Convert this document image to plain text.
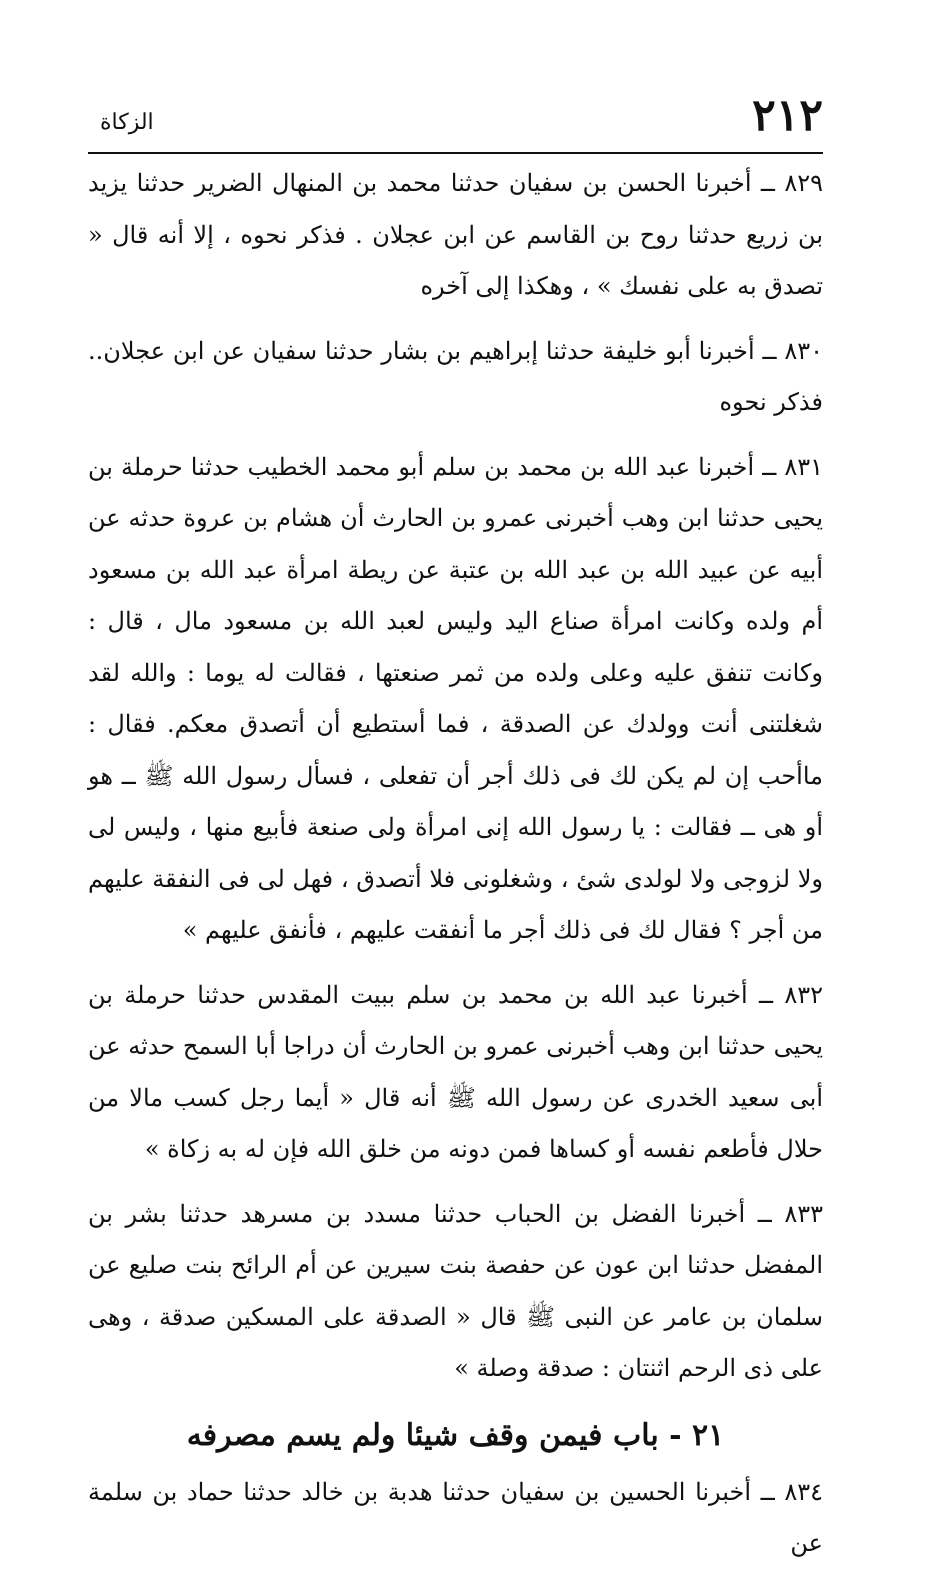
٢١٢
الزكاة

٨٢٩ ــ أخبرنا الحسن بن سفيان حدثنا محمد بن المنهال الضرير حدثنا يزيد بن زريع حدثنا روح بن القاسم عن ابن عجلان . فذكر نحوه ، إلا أنه قال « تصدق به على نفسك » ، وهكذا إلى آخره

٨٣٠ ــ أخبرنا أبو خليفة حدثنا إبراهيم بن بشار حدثنا سفيان عن ابن عجلان.. فذكر نحوه

٨٣١ ــ أخبرنا عبد الله بن محمد بن سلم أبو محمد الخطيب حدثنا حرملة بن يحيى حدثنا ابن وهب أخبرنى عمرو بن الحارث أن هشام بن عروة حدثه عن أبيه عن عبيد الله بن عبد الله بن عتبة عن ريطة امرأة عبد الله بن مسعود أم ولده وكانت امرأة صناع اليد وليس لعبد الله بن مسعود مال ، قال : وكانت تنفق عليه وعلى ولده من ثمر صنعتها ، فقالت له يوما : والله لقد شغلتنى أنت وولدك عن الصدقة ، فما أستطيع أن أتصدق معكم. فقال : ماأحب إن لم يكن لك فى ذلك أجر أن تفعلى ، فسأل رسول الله ﷺ ــ هو أو هى ــ فقالت : يا رسول الله إنى امرأة ولى صنعة فأبيع منها ، وليس لى ولا لزوجى ولا لولدى شئ ، وشغلونى فلا أتصدق ، فهل لى فى النفقة عليهم من أجر ؟ فقال لك فى ذلك أجر ما أنفقت عليهم ، فأنفق عليهم »

٨٣٢ ــ أخبرنا عبد الله بن محمد بن سلم ببيت المقدس حدثنا حرملة بن يحيى حدثنا ابن وهب أخبرنى عمرو بن الحارث أن دراجا أبا السمح حدثه عن أبى سعيد الخدرى عن رسول الله ﷺ أنه قال « أيما رجل كسب مالا من حلال فأطعم نفسه أو كساها فمن دونه من خلق الله فإن له به زكاة »

٨٣٣ ــ أخبرنا الفضل بن الحباب حدثنا مسدد بن مسرهد حدثنا بشر بن المفضل حدثنا ابن عون عن حفصة بنت سيرين عن أم الرائح بنت صليع عن سلمان بن عامر عن النبى ﷺ قال « الصدقة على المسكين صدقة ، وهى على ذى الرحم اثنتان : صدقة وصلة »

٢١ - باب فيمن وقف شيئا ولم يسم مصرفه

٨٣٤ ــ أخبرنا الحسين بن سفيان حدثنا هدبة بن خالد حدثنا حماد بن سلمة عن
